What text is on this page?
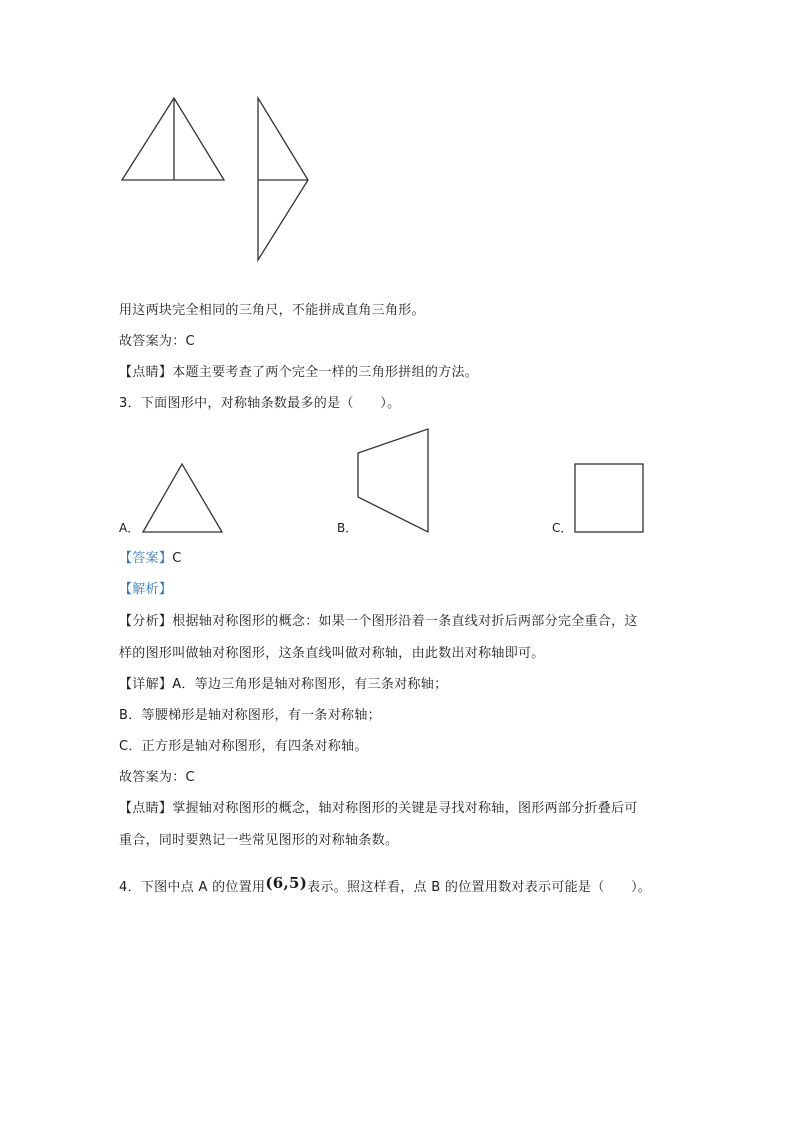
用这两块完全相同的三角尺，不能拼成直角三角形。
故答案为：C
【点睛】本题主要考查了两个完全一样的三角形拼组的方法。
3．下面图形中，对称轴条数最多的是（　　）。
A．	B．	C．
【答案】C
【解析】
【分析】根据轴对称图形的概念：如果一个图形沿着一条直线对折后两部分完全重合，这
样的图形叫做轴对称图形，这条直线叫做对称轴，由此数出对称轴即可。
【详解】A．等边三角形是轴对称图形，有三条对称轴；
B．等腰梯形是轴对称图形，有一条对称轴；
C．正方形是轴对称图形，有四条对称轴。
故答案为：C
【点睛】掌握轴对称图形的概念，轴对称图形的关键是寻找对称轴，图形两部分折叠后可
重合，同时要熟记一些常见图形的对称轴条数。
4．下图中点 A 的位置用(6,5)表示。照这样看，点 B 的位置用数对表示可能是（　　）。
